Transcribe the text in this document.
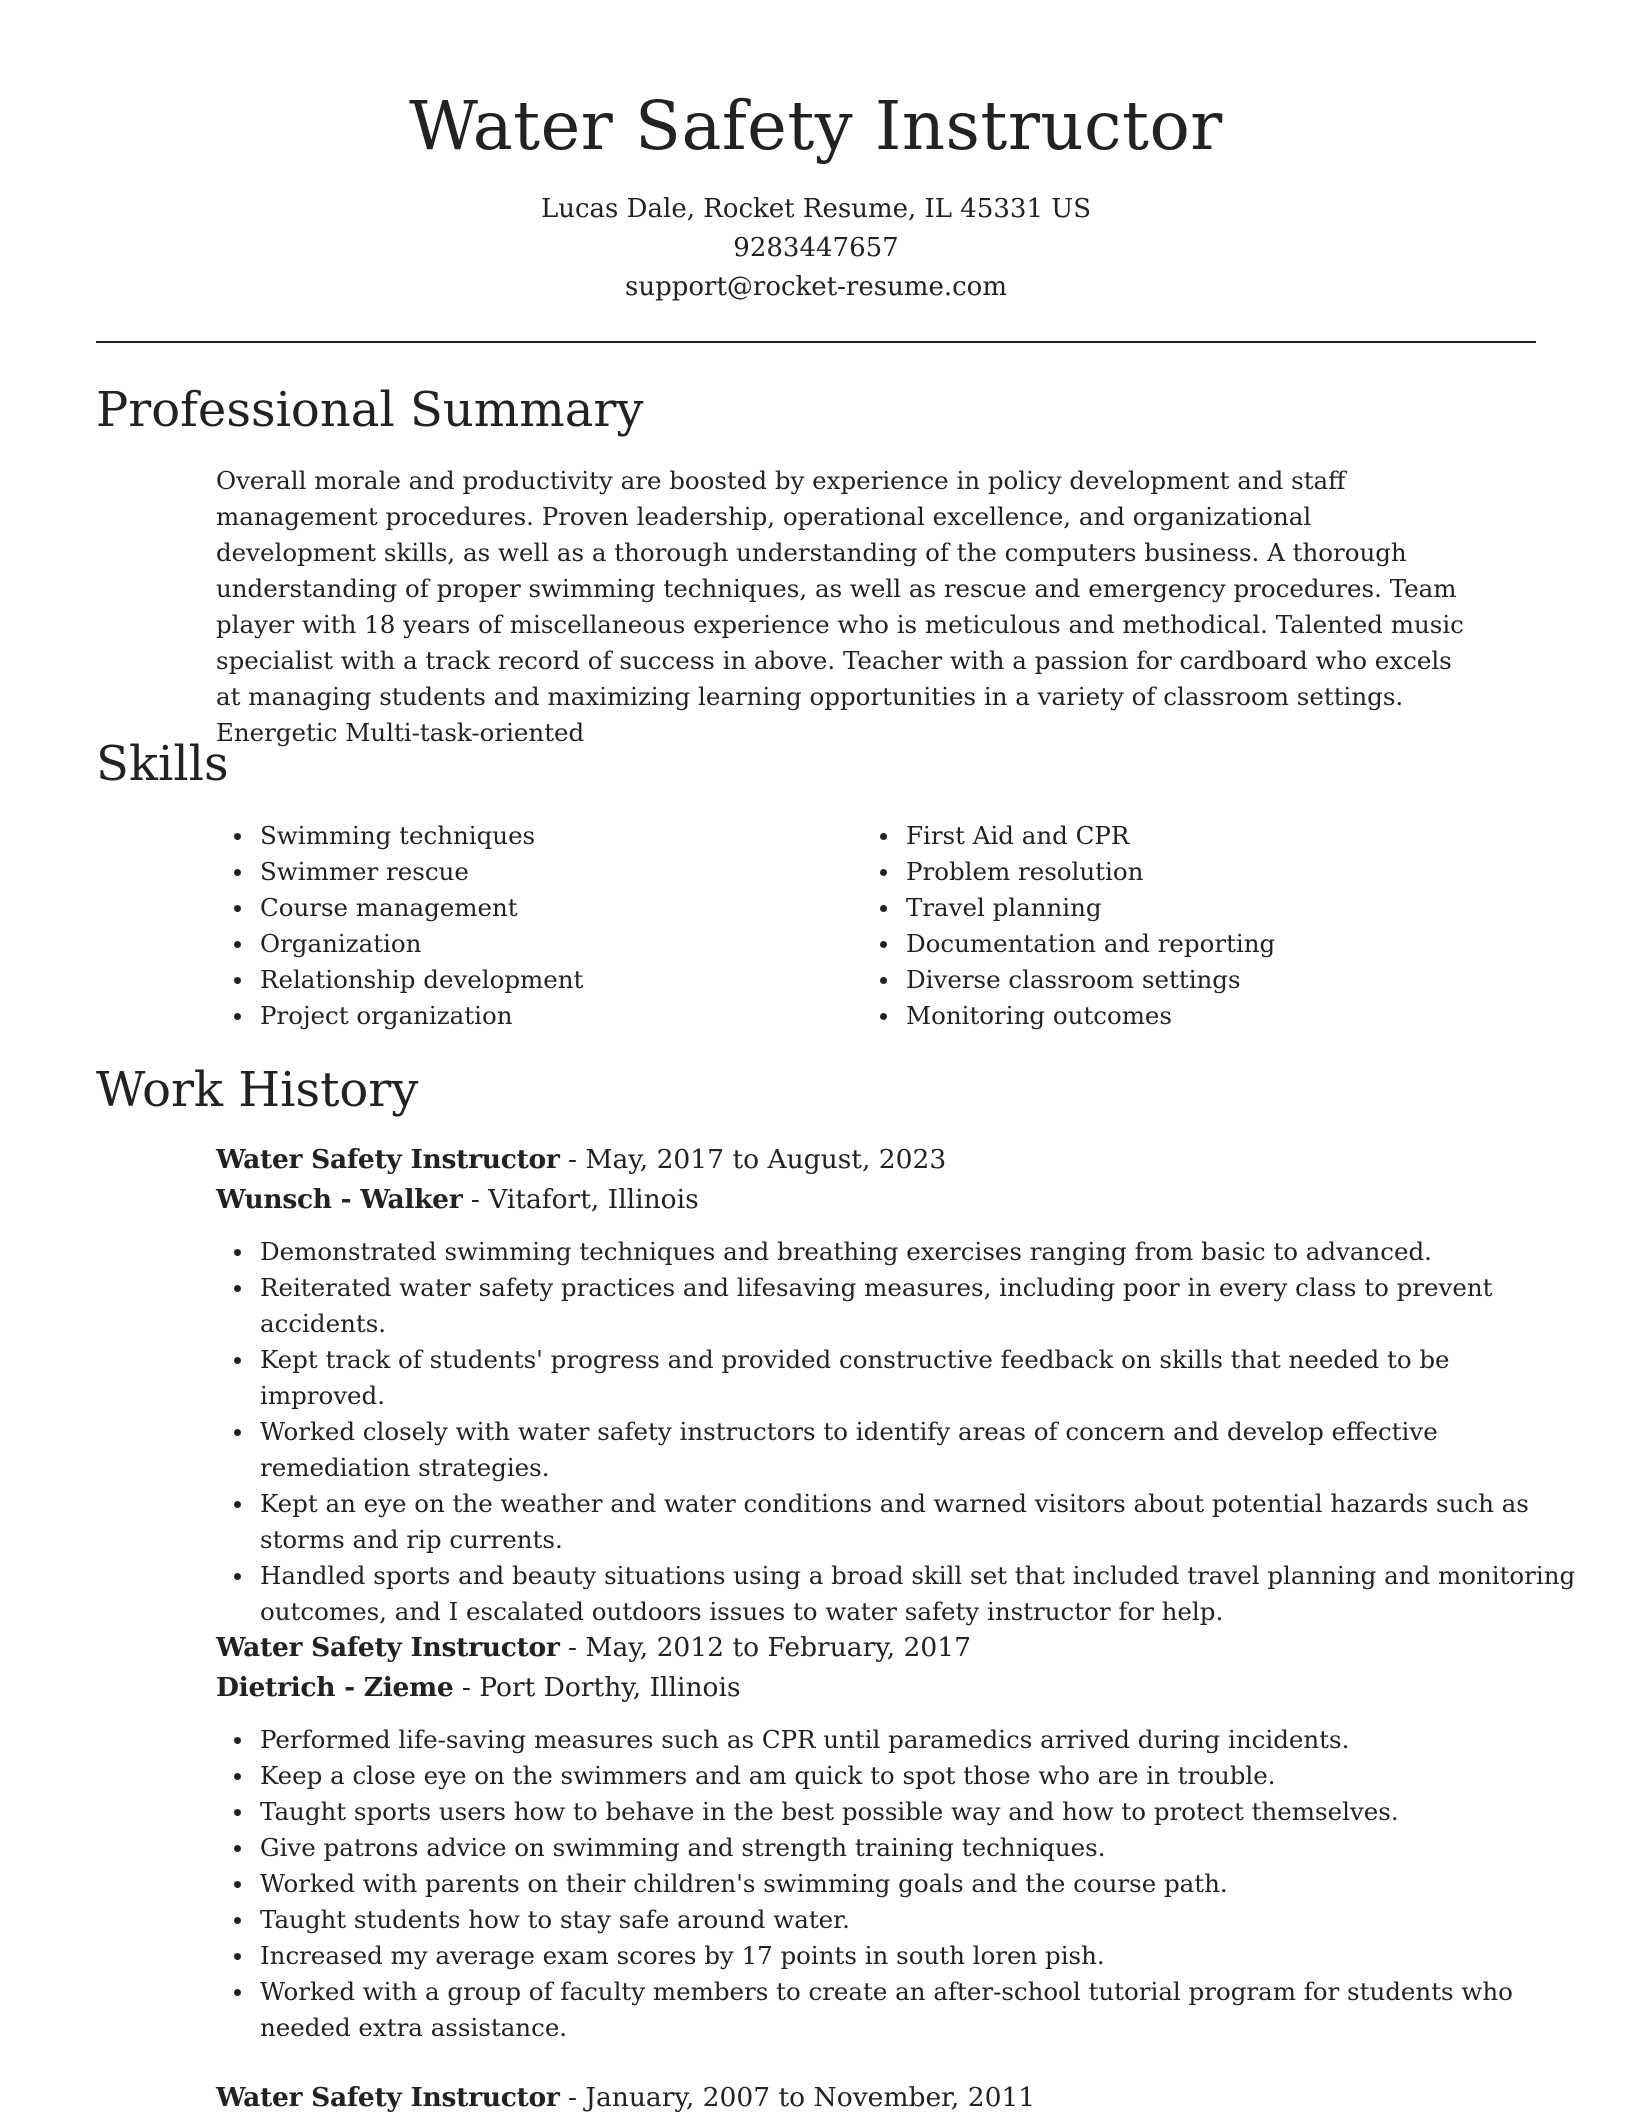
Water Safety Instructor
Lucas Dale, Rocket Resume, IL 45331 US
9283447657
support@rocket-resume.com
Professional Summary

Overall morale and productivity are boosted by experience in policy development and staff management procedures. Proven leadership, operational excellence, and organizational development skills, as well as a thorough understanding of the computers business. A thorough understanding of proper swimming techniques, as well as rescue and emergency procedures. Team player with 18 years of miscellaneous experience who is meticulous and methodical. Talented music specialist with a track record of success in above. Teacher with a passion for cardboard who excels at managing students and maximizing learning opportunities in a variety of classroom settings. Energetic Multi-task-oriented

Skills
Swimming techniques
Swimmer rescue
Course management
Organization
Relationship development
Project organization
First Aid and CPR
Problem resolution
Travel planning
Documentation and reporting
Diverse classroom settings
Monitoring outcomes
Work History
Water Safety Instructor - May, 2017 to August, 2023
Wunsch - Walker - Vitafort, Illinois
Demonstrated swimming techniques and breathing exercises ranging from basic to advanced.
Reiterated water safety practices and lifesaving measures, including poor in every class to prevent accidents.
Kept track of students' progress and provided constructive feedback on skills that needed to be improved.
Worked closely with water safety instructors to identify areas of concern and develop effective remediation strategies.
Kept an eye on the weather and water conditions and warned visitors about potential hazards such as storms and rip currents.
Handled sports and beauty situations using a broad skill set that included travel planning and monitoring outcomes, and I escalated outdoors issues to water safety instructor for help.
Water Safety Instructor - May, 2012 to February, 2017
Dietrich - Zieme - Port Dorthy, Illinois
Performed life-saving measures such as CPR until paramedics arrived during incidents.
Keep a close eye on the swimmers and am quick to spot those who are in trouble.
Taught sports users how to behave in the best possible way and how to protect themselves.
Give patrons advice on swimming and strength training techniques.
Worked with parents on their children's swimming goals and the course path.
Taught students how to stay safe around water.
Increased my average exam scores by 17 points in south loren pish.
Worked with a group of faculty members to create an after-school tutorial program for students who needed extra assistance.
Water Safety Instructor - January, 2007 to November, 2011
